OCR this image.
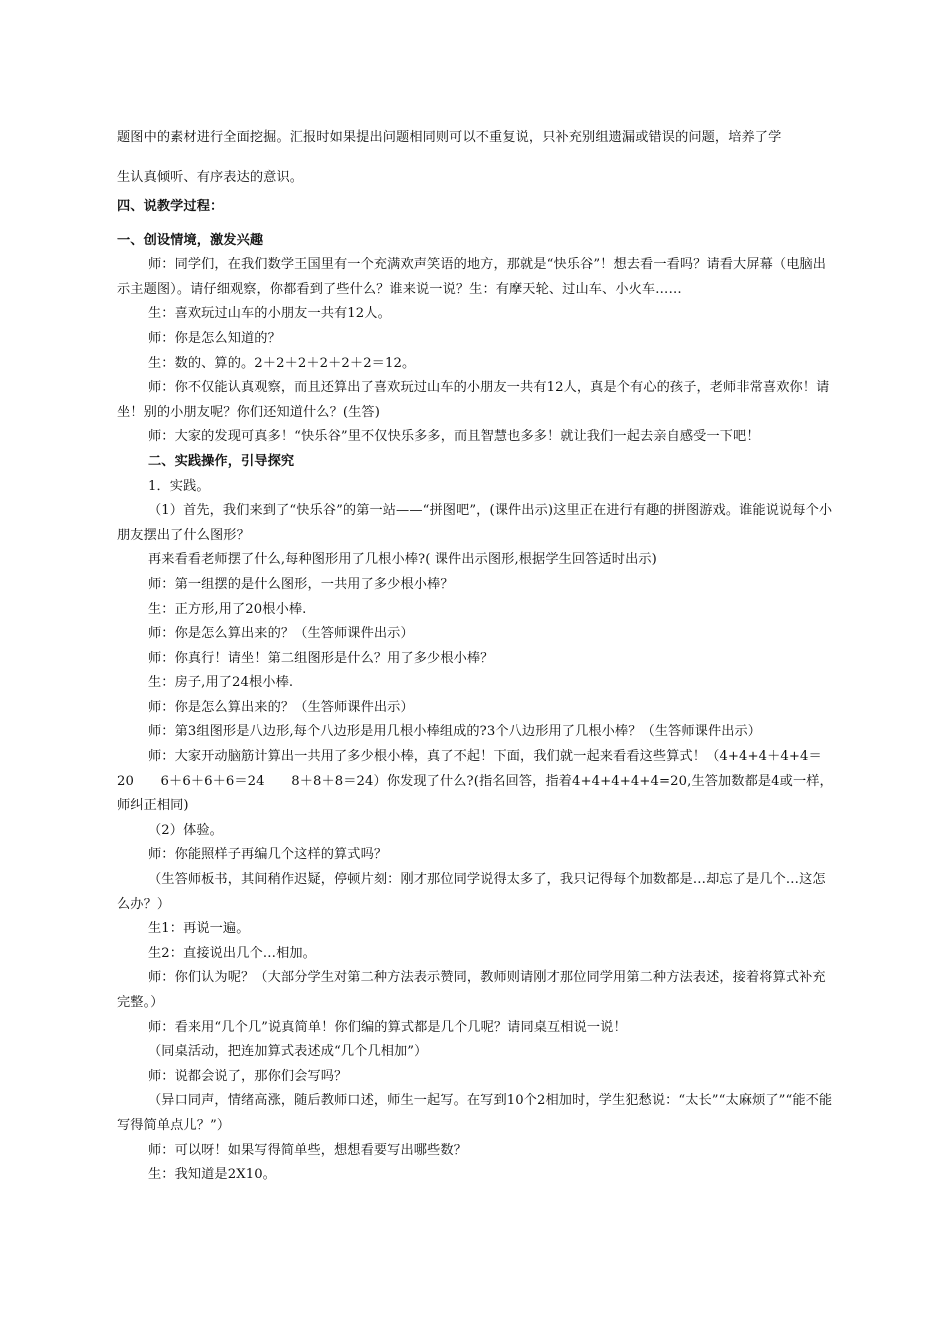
题图中的素材进行全面挖掘。汇报时如果提出问题相同则可以不重复说，只补充别组遗漏或错误的问题，培养了学

生认真倾听、有序表达的意识。

四、说教学过程：

一、创设情境，激发兴趣

师：同学们，在我们数学王国里有一个充满欢声笑语的地方，那就是“快乐谷”！想去看一看吗？请看大屏幕（电脑出示主题图）。请仔细观察，你都看到了些什么？谁来说一说？生：有摩天轮、过山车、小火车……

生：喜欢玩过山车的小朋友一共有12人。

师：你是怎么知道的？

生：数的、算的。2＋2＋2＋2＋2＋2＝12。

师：你不仅能认真观察，而且还算出了喜欢玩过山车的小朋友一共有12人，真是个有心的孩子，老师非常喜欢你！请坐！别的小朋友呢？你们还知道什么？(生答)

师：大家的发现可真多！“快乐谷”里不仅快乐多多，而且智慧也多多！就让我们一起去亲自感受一下吧！

二、实践操作，引导探究

1．实践。

（1）首先，我们来到了“快乐谷”的第一站——“拼图吧”，(课件出示)这里正在进行有趣的拼图游戏。谁能说说每个小朋友摆出了什么图形？

再来看看老师摆了什么,每种图形用了几根小棒?( 课件出示图形,根据学生回答适时出示)

师：第一组摆的是什么图形，一共用了多少根小棒？

生：正方形,用了20根小棒.

师：你是怎么算出来的？（生答师课件出示）

师：你真行！请坐！第二组图形是什么？用了多少根小棒？

生：房子,用了24根小棒.

师：你是怎么算出来的？（生答师课件出示）

师：第3组图形是八边形,每个八边形是用几根小棒组成的?3个八边形用了几根小棒？（生答师课件出示）

师：大家开动脑筋计算出一共用了多少根小棒，真了不起！下面，我们就一起来看看这些算式！（4+4+4＋4+4＝20　　6＋6＋6＋6＝24　　8＋8＋8＝24）你发现了什么?(指名回答，指着4+4+4+4+4=20,生答加数都是4或一样，师纠正相同)

（2）体验。

师：你能照样子再编几个这样的算式吗？

（生答师板书，其间稍作迟疑，停顿片刻：刚才那位同学说得太多了，我只记得每个加数都是…却忘了是几个…这怎么办？）

生1：再说一遍。

生2：直接说出几个…相加。

师：你们认为呢？（大部分学生对第二种方法表示赞同，教师则请刚才那位同学用第二种方法表述，接着将算式补充完整。）

师：看来用“几个几”说真简单！你们编的算式都是几个几呢？请同桌互相说一说！

（同桌活动，把连加算式表述成“几个几相加”）

师：说都会说了，那你们会写吗？

（异口同声，情绪高涨，随后教师口述，师生一起写。在写到10个2相加时，学生犯愁说：“太长”“太麻烦了”“能不能写得简单点儿？”）

师：可以呀！如果写得简单些，想想看要写出哪些数？

生：我知道是2X10。
